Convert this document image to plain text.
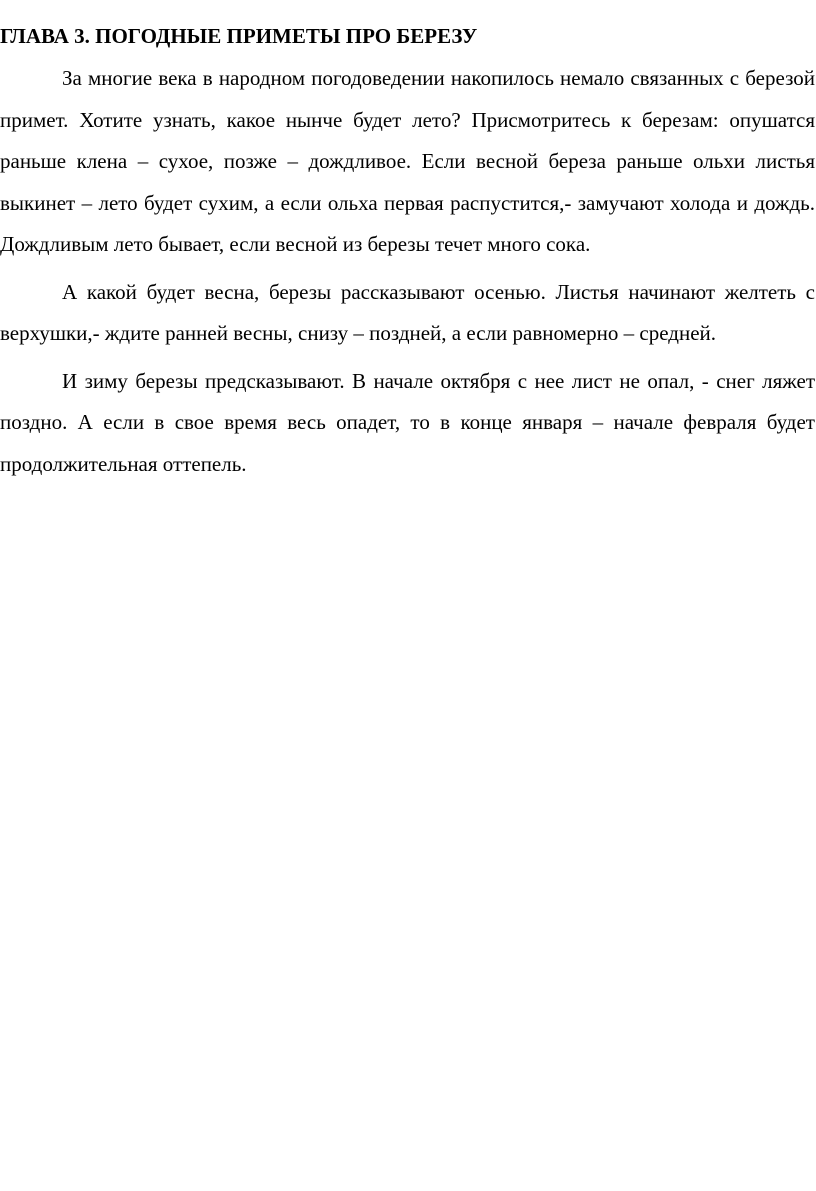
ГЛАВА 3. ПОГОДНЫЕ ПРИМЕТЫ ПРО БЕРЕЗУ

За многие века в народном погодоведении накопилось немало связанных с березой примет. Хотите узнать, какое нынче будет лето? Присмотритесь к березам: опушатся раньше клена – сухое, позже – дождливое. Если весной береза раньше ольхи листья выкинет – лето будет сухим, а если ольха первая распустится,- замучают холода и дождь. Дождливым лето бывает, если весной из березы течет много сока.

А какой будет весна, березы рассказывают осенью. Листья начинают желтеть с верхушки,- ждите ранней весны, снизу – поздней, а если равномерно – средней.

И зиму березы предсказывают. В начале октября с нее лист не опал, - снег ляжет поздно. А если в свое время весь опадет, то в конце января – начале февраля будет продолжительная оттепель.
